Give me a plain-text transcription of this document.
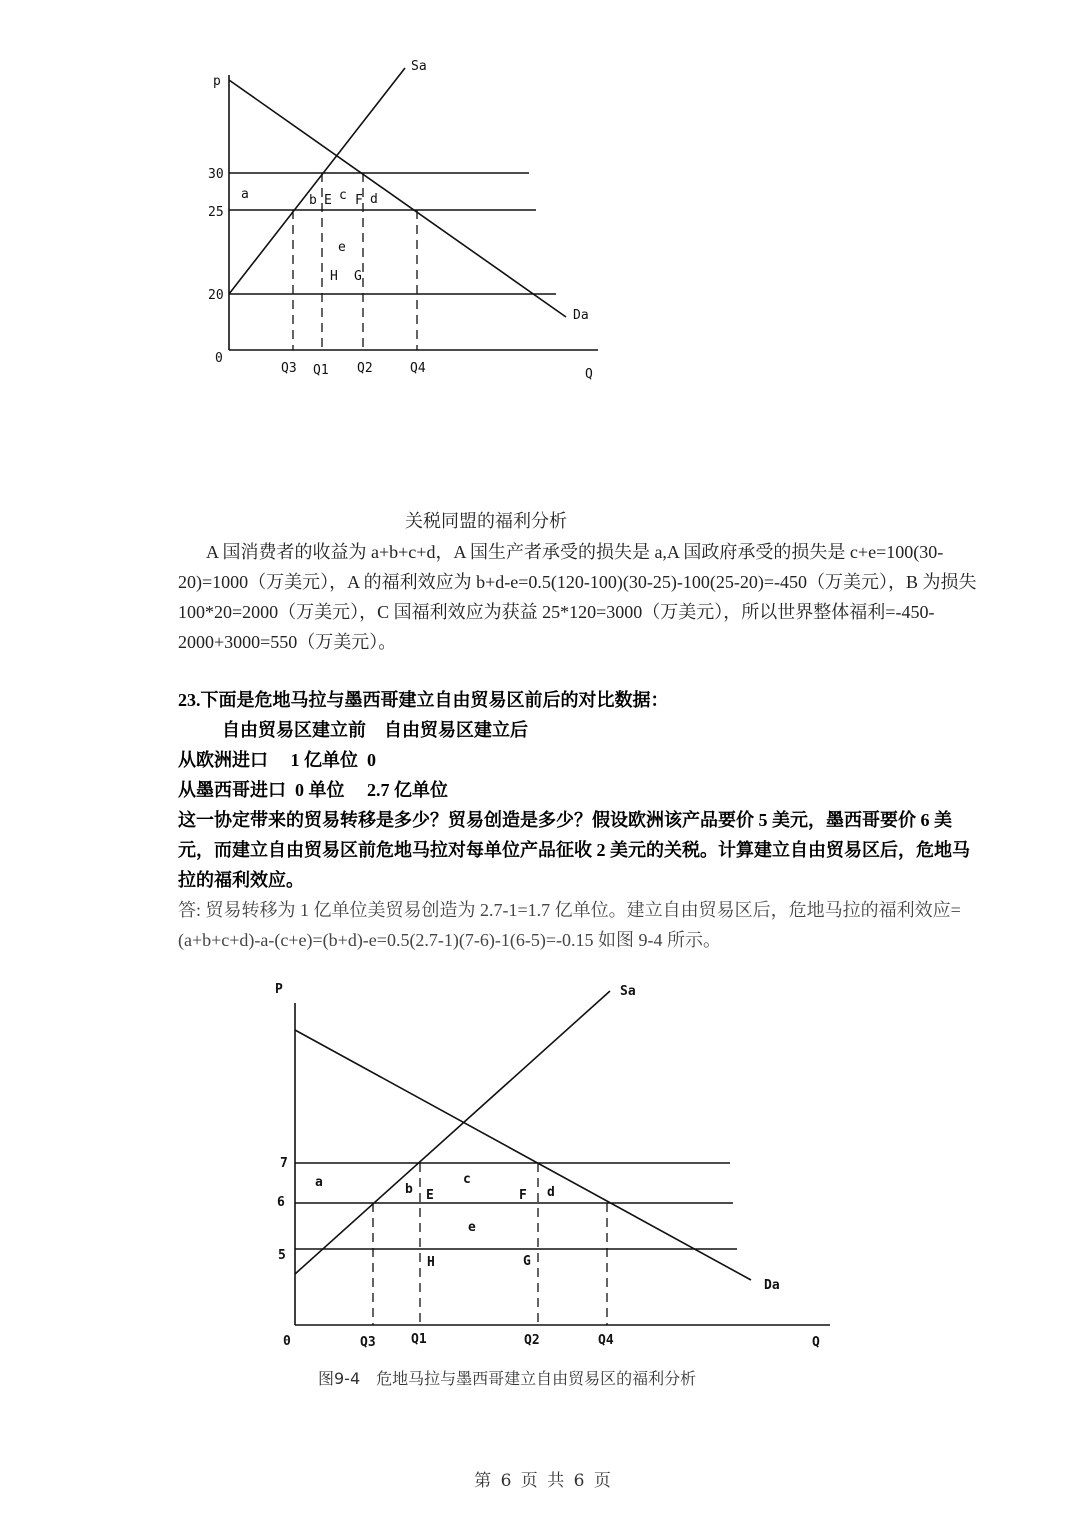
p
Q
0
Sa
Da
30
25
20
Q3 Q1 Q2	Q4
a	b E c F d
e
H G
关税同盟的福利分析

A 国消费者的收益为 a+b+c+d，A 国生产者承受的损失是 a,A 国政府承受的损失是 c+e=100(30-20)=1000（万美元），A 的福利效应为 b+d-e=0.5(120-100)(30-25)-100(25-20)=-450（万美元），B 为损失 100*20=2000（万美元），C 国福利效应为获益 25*120=3000（万美元），所以世界整体福利=-450-2000+3000=550（万美元）。

23.下面是危地马拉与墨西哥建立自由贸易区前后的对比数据：

自由贸易区建立前　自由贸易区建立后

从欧洲进口　 1 亿单位  0

从墨西哥进口  0 单位　 2.7 亿单位

这一协定带来的贸易转移是多少？贸易创造是多少？假设欧洲该产品要价 5 美元，墨西哥要价 6 美元，而建立自由贸易区前危地马拉对每单位产品征收 2 美元的关税。计算建立自由贸易区后，危地马拉的福利效应。

答: 贸易转移为 1 亿单位美贸易创造为 2.7-1=1.7 亿单位。建立自由贸易区后，危地马拉的福利效应=(a+b+c+d)-a-(c+e)=(b+d)-e=0.5(2.7-1)(7-6)-1(6-5)=-0.15 如图 9-4 所示。

P
Q
0
Sa
Da
7
6
5
Q3	Q1	Q2	Q4
a	b E
c
F d
e
H	G
图9-4　危地马拉与墨西哥建立自由贸易区的福利分析
第 6 页 共 6 页
